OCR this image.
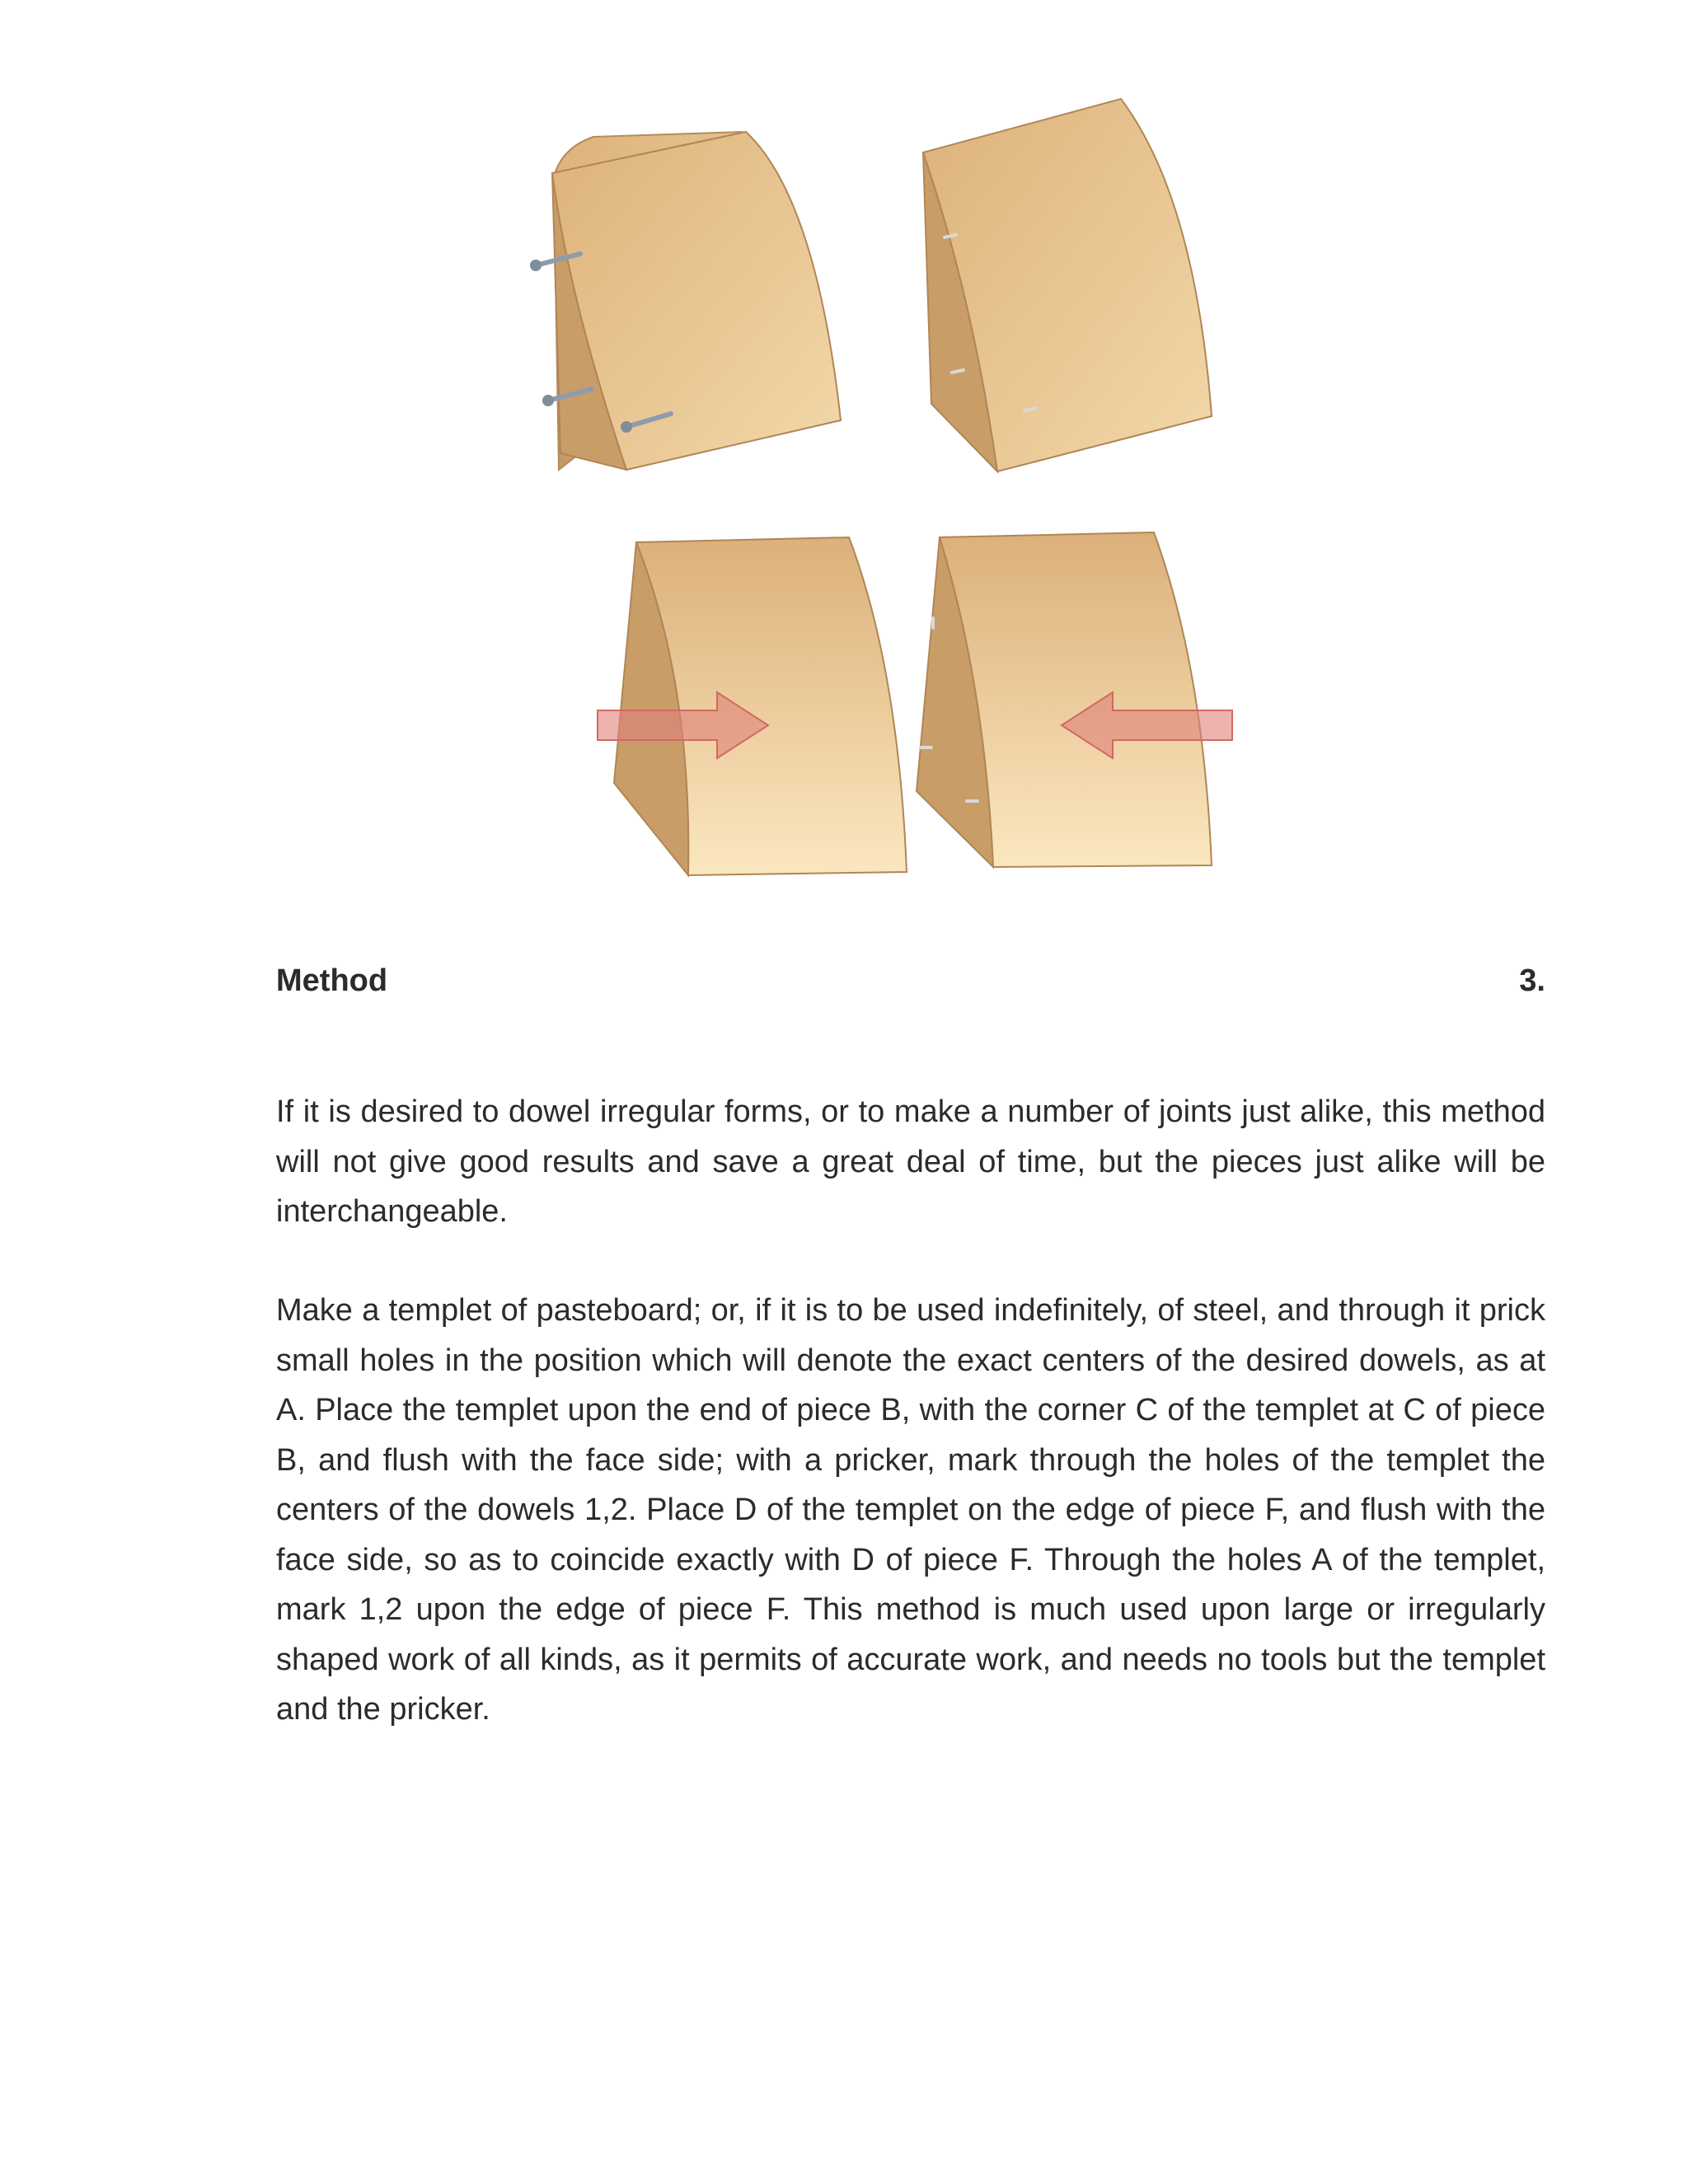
Method	3.

If it is desired to dowel irregular forms, or to make a number of joints just alike, this method will not give good results and save a great deal of time, but the pieces just alike will be interchangeable.

Make a templet of pasteboard; or, if it is to be used indefinitely, of steel, and through it prick small holes in the position which will denote the exact centers of the desired dowels, as at A. Place the templet upon the end of piece B, with the corner C of the templet at C of piece B, and flush with the face side; with a pricker, mark through the holes of the templet the centers of the dowels 1,2. Place D of the templet on the edge of piece F, and flush with the face side, so as to coincide exactly with D of piece F. Through the holes A of the templet, mark 1,2 upon the edge of piece F. This method is much used upon large or irregularly shaped work of all kinds, as it permits of accurate work, and needs no tools but the templet and the pricker.
